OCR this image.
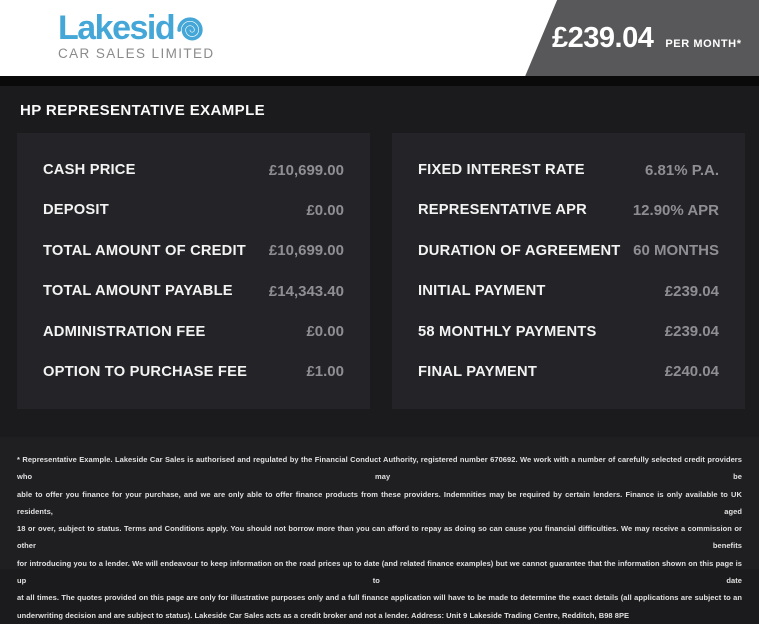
Lakesid
CAR SALES LIMITED	£239.04 PER MONTH*
HP REPRESENTATIVE EXAMPLE
CASH PRICE	£10,699.00
DEPOSIT	£0.00
TOTAL AMOUNT OF CREDIT £10,699.00
TOTAL AMOUNT PAYABLE £14,343.40
ADMINISTRATION FEE	£0.00
OPTION TO PURCHASE FEE	£1.00
FIXED INTEREST RATE	6.81% P.A.
REPRESENTATIVE APR	12.90% APR
DURATION OF AGREEMENT 60 MONTHS
INITIAL PAYMENT	£239.04
58 MONTHLY PAYMENTS	£239.04
FINAL PAYMENT	£240.04
* Representative Example. Lakeside Car Sales is authorised and regulated by the Financial Conduct Authority, registered number 670692. We work with a number of carefully selected credit providers who may be
able to offer you finance for your purchase, and we are only able to offer finance products from these providers. Indemnities may be required by certain lenders. Finance is only available to UK residents, aged
18 or over, subject to status. Terms and Conditions apply. You should not borrow more than you can afford to repay as doing so can cause you financial difficulties. We may receive a commission or other benefits
for introducing you to a lender. We will endeavour to keep information on the road prices up to date (and related finance examples) but we cannot guarantee that the information shown on this page is up to date
at all times. The quotes provided on this page are only for illustrative purposes only and a full finance application will have to be made to determine the exact details (all applications are subject to an
underwriting decision and are subject to status). Lakeside Car Sales acts as a credit broker and not a lender. Address: Unit 9 Lakeside Trading Centre, Redditch, B98 8PE
